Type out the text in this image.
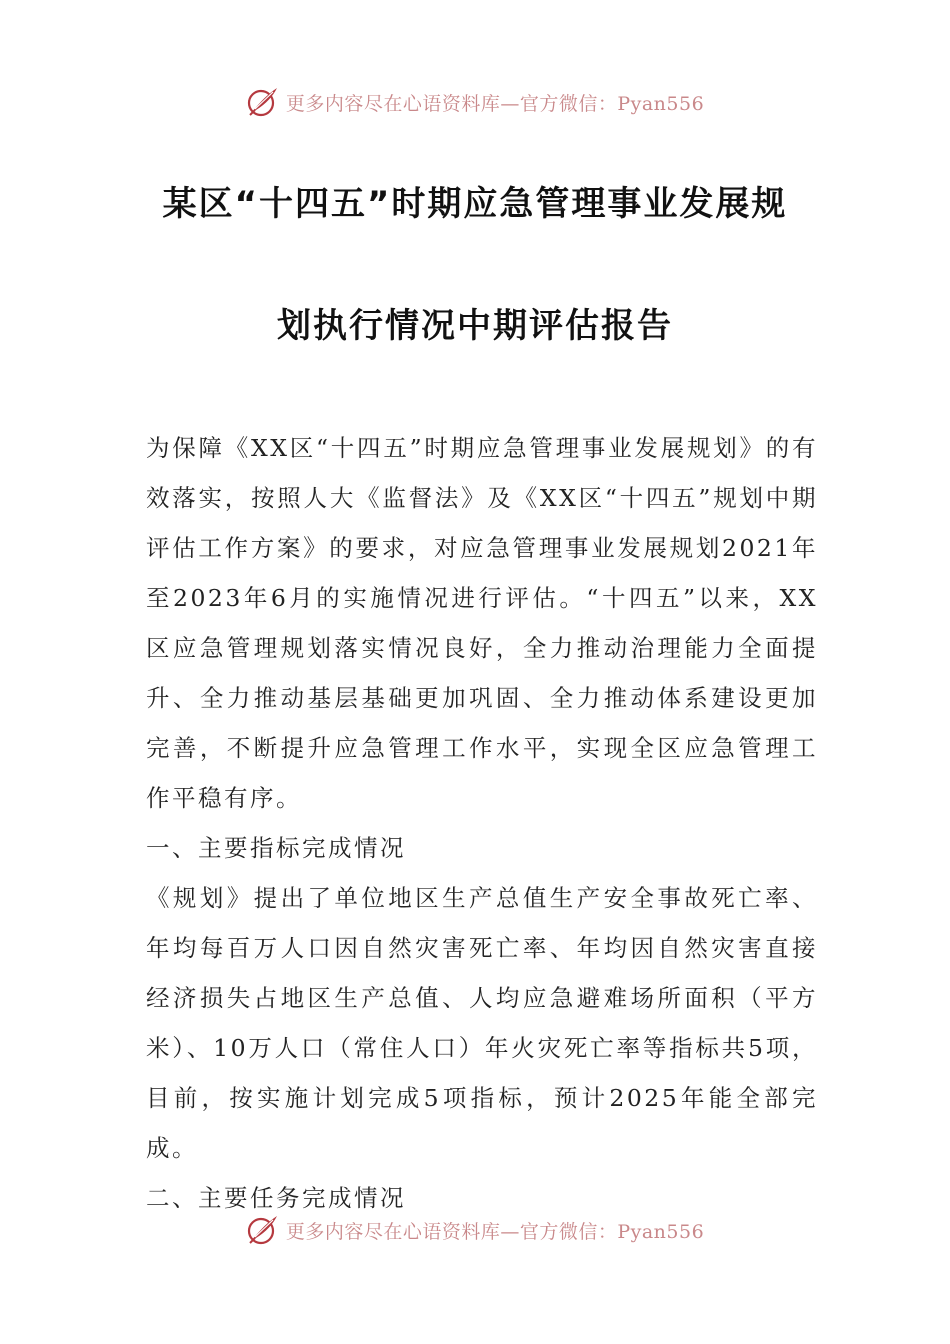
更多内容尽在心语资料库—官方微信：Pyan556
某区“十四五”时期应急管理事业发展规
划执行情况中期评估报告

为保障《XX区“十四五”时期应急管理事业发展规划》的有效落实，按照人大《监督法》及《XX区“十四五”规划中期评估工作方案》的要求，对应急管理事业发展规划2021年至2023年6月的实施情况进行评估。“十四五”以来，XX区应急管理规划落实情况良好，全力推动治理能力全面提升、全力推动基层基础更加巩固、全力推动体系建设更加完善，不断提升应急管理工作水平，实现全区应急管理工作平稳有序。

一、主要指标完成情况

《规划》提出了单位地区生产总值生产安全事故死亡率、年均每百万人口因自然灾害死亡率、年均因自然灾害直接经济损失占地区生产总值、人均应急避难场所面积（平方米）、10万人口（常住人口）年火灾死亡率等指标共5项，目前，按实施计划完成5项指标，预计2025年能全部完成。

二、主要任务完成情况

更多内容尽在心语资料库—官方微信：Pyan556
